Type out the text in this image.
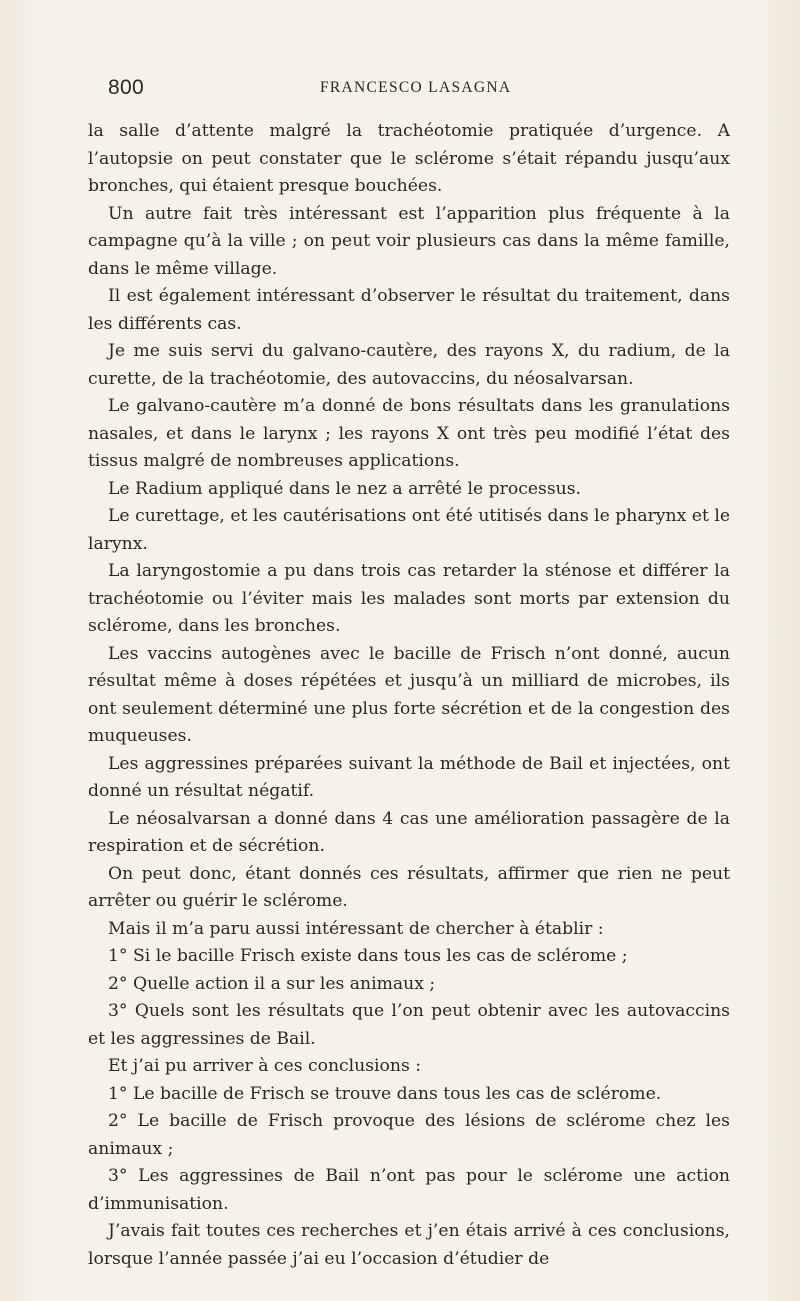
800	FRANCESCO LASAGNA

la salle d’attente malgré la trachéotomie pratiquée d’urgence. A l’autopsie on peut constater que le sclérome s’était répandu jusqu’aux bronches, qui étaient presque bouchées.

Un autre fait très intéressant est l’apparition plus fréquente à la campagne qu’à la ville ; on peut voir plusieurs cas dans la même famille, dans le même village.

Il est également intéressant d’observer le résultat du traitement, dans les différents cas.

Je me suis servi du galvano-cautère, des rayons X, du radium, de la curette, de la trachéotomie, des autovaccins, du néosalvarsan.

Le galvano-cautère m’a donné de bons résultats dans les granulations nasales, et dans le larynx ; les rayons X ont très peu modifié l’état des tissus malgré de nombreuses applications.

Le Radium appliqué dans le nez a arrêté le processus.

Le curettage, et les cautérisations ont été utitisés dans le pharynx et le larynx.

La laryngostomie a pu dans trois cas retarder la sténose et différer la trachéotomie ou l’éviter mais les malades sont morts par extension du sclérome, dans les bronches.

Les vaccins autogènes avec le bacille de Frisch n’ont donné, aucun résultat même à doses répétées et jusqu’à un milliard de microbes, ils ont seulement déterminé une plus forte sécrétion et de la congestion des muqueuses.

Les aggressines préparées suivant la méthode de Bail et injectées, ont donné un résultat négatif.

Le néosalvarsan a donné dans 4 cas une amélioration passagère de la respiration et de sécrétion.

On peut donc, étant donnés ces résultats, affirmer que rien ne peut arrêter ou guérir le sclérome.

Mais il m’a paru aussi intéressant de chercher à établir :

1° Si le bacille Frisch existe dans tous les cas de sclérome ;

2° Quelle action il a sur les animaux ;

3° Quels sont les résultats que l’on peut obtenir avec les autovaccins et les aggressines de Bail.

Et j’ai pu arriver à ces conclusions :

1° Le bacille de Frisch se trouve dans tous les cas de sclérome.

2° Le bacille de Frisch provoque des lésions de sclérome chez les animaux ;

3° Les aggressines de Bail n’ont pas pour le sclérome une action d’immunisation.

J’avais fait toutes ces recherches et j’en étais arrivé à ces conclusions, lorsque l’année passée j’ai eu l’occasion d’étudier de
